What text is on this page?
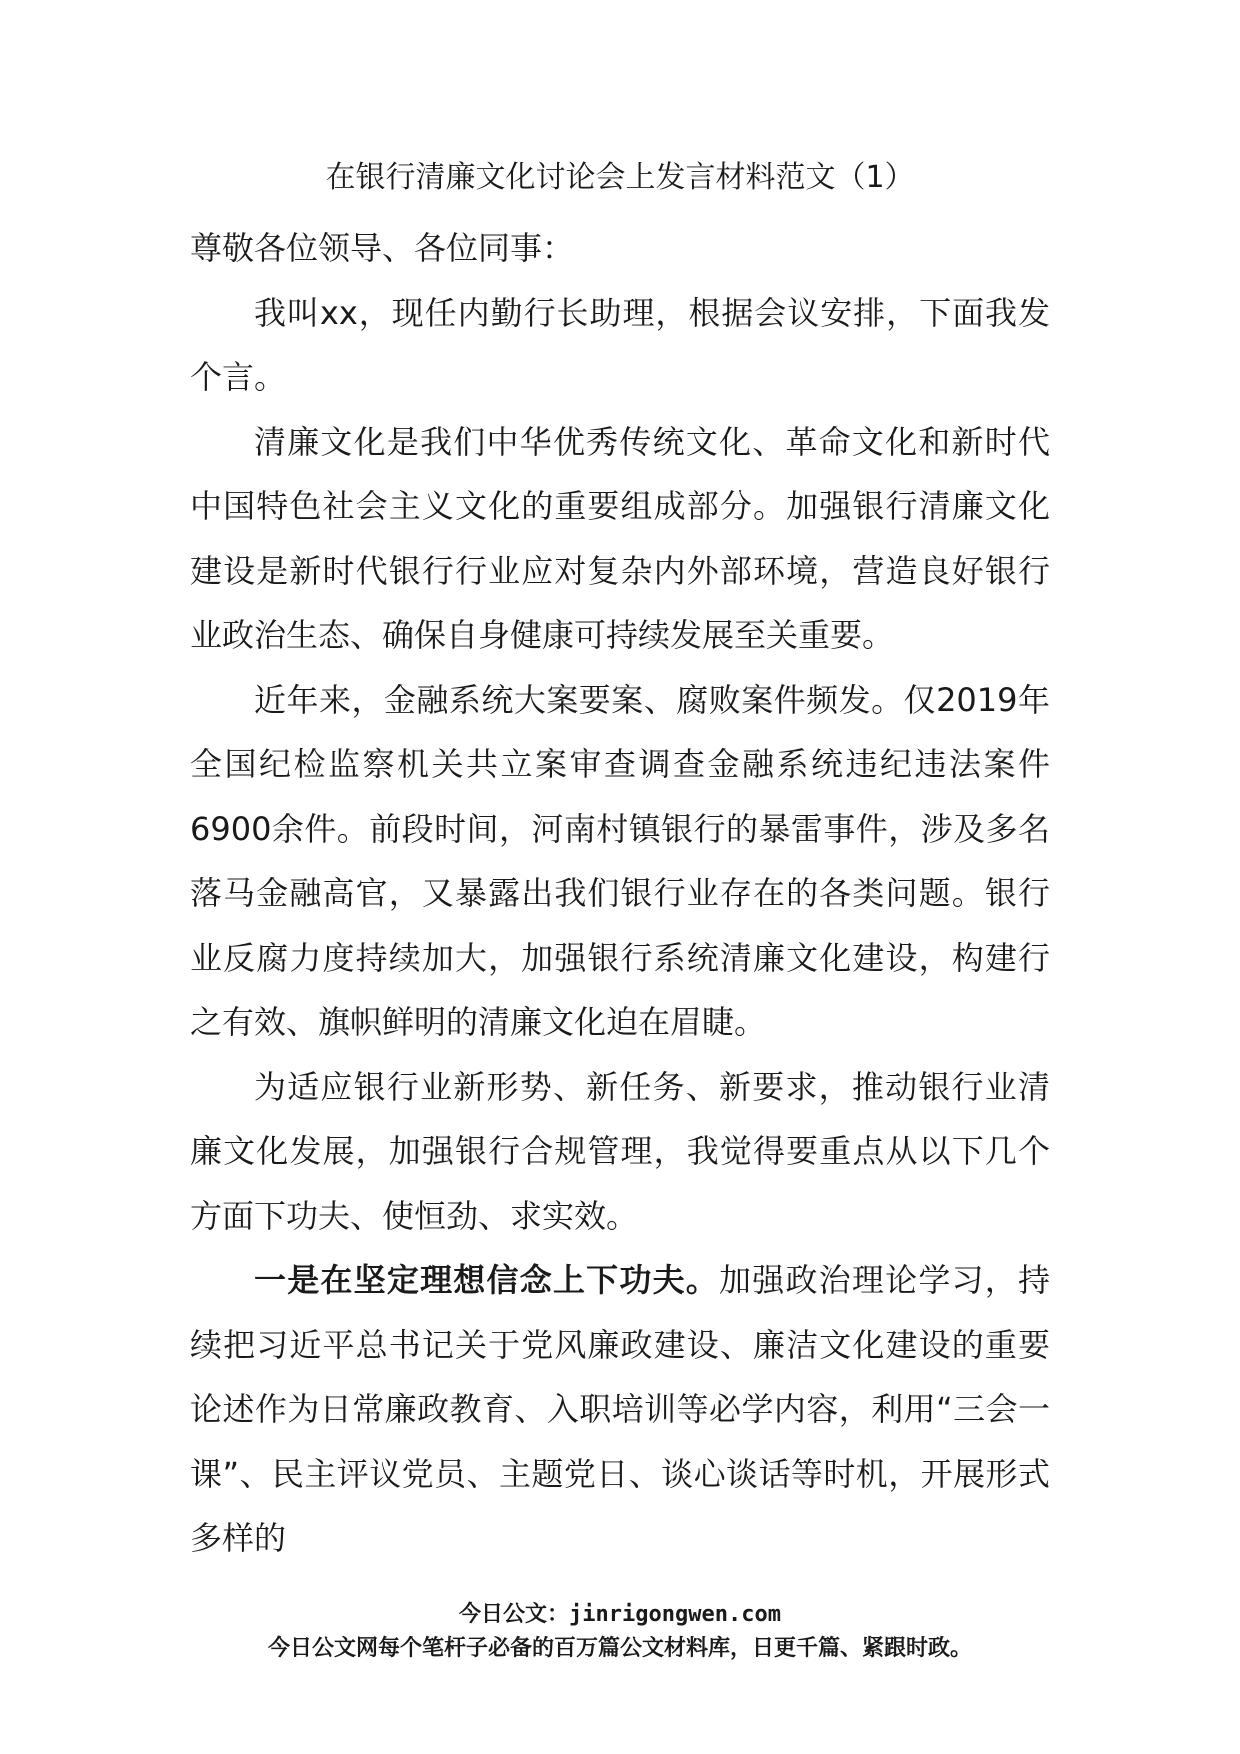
在银行清廉文化讨论会上发言材料范文（1）

尊敬各位领导、各位同事：

我叫xx，现任内勤行长助理，根据会议安排，下面我发个言。

清廉文化是我们中华优秀传统文化、革命文化和新时代中国特色社会主义文化的重要组成部分。加强银行清廉文化建设是新时代银行行业应对复杂内外部环境，营造良好银行业政治生态、确保自身健康可持续发展至关重要。

近年来，金融系统大案要案、腐败案件频发。仅2019年全国纪检监察机关共立案审查调查金融系统违纪违法案件6900余件。前段时间，河南村镇银行的暴雷事件，涉及多名落马金融高官，又暴露出我们银行业存在的各类问题。银行业反腐力度持续加大，加强银行系统清廉文化建设，构建行之有效、旗帜鲜明的清廉文化迫在眉睫。

为适应银行业新形势、新任务、新要求，推动银行业清廉文化发展，加强银行合规管理，我觉得要重点从以下几个方面下功夫、使恒劲、求实效。

一是在坚定理想信念上下功夫。加强政治理论学习，持续把习近平总书记关于党风廉政建设、廉洁文化建设的重要论述作为日常廉政教育、入职培训等必学内容，利用“三会一课”、民主评议党员、主题党日、谈心谈话等时机，开展形式多样的

今日公文：jinrigongwen.com
今日公文网每个笔杆子必备的百万篇公文材料库，日更千篇、紧跟时政。
